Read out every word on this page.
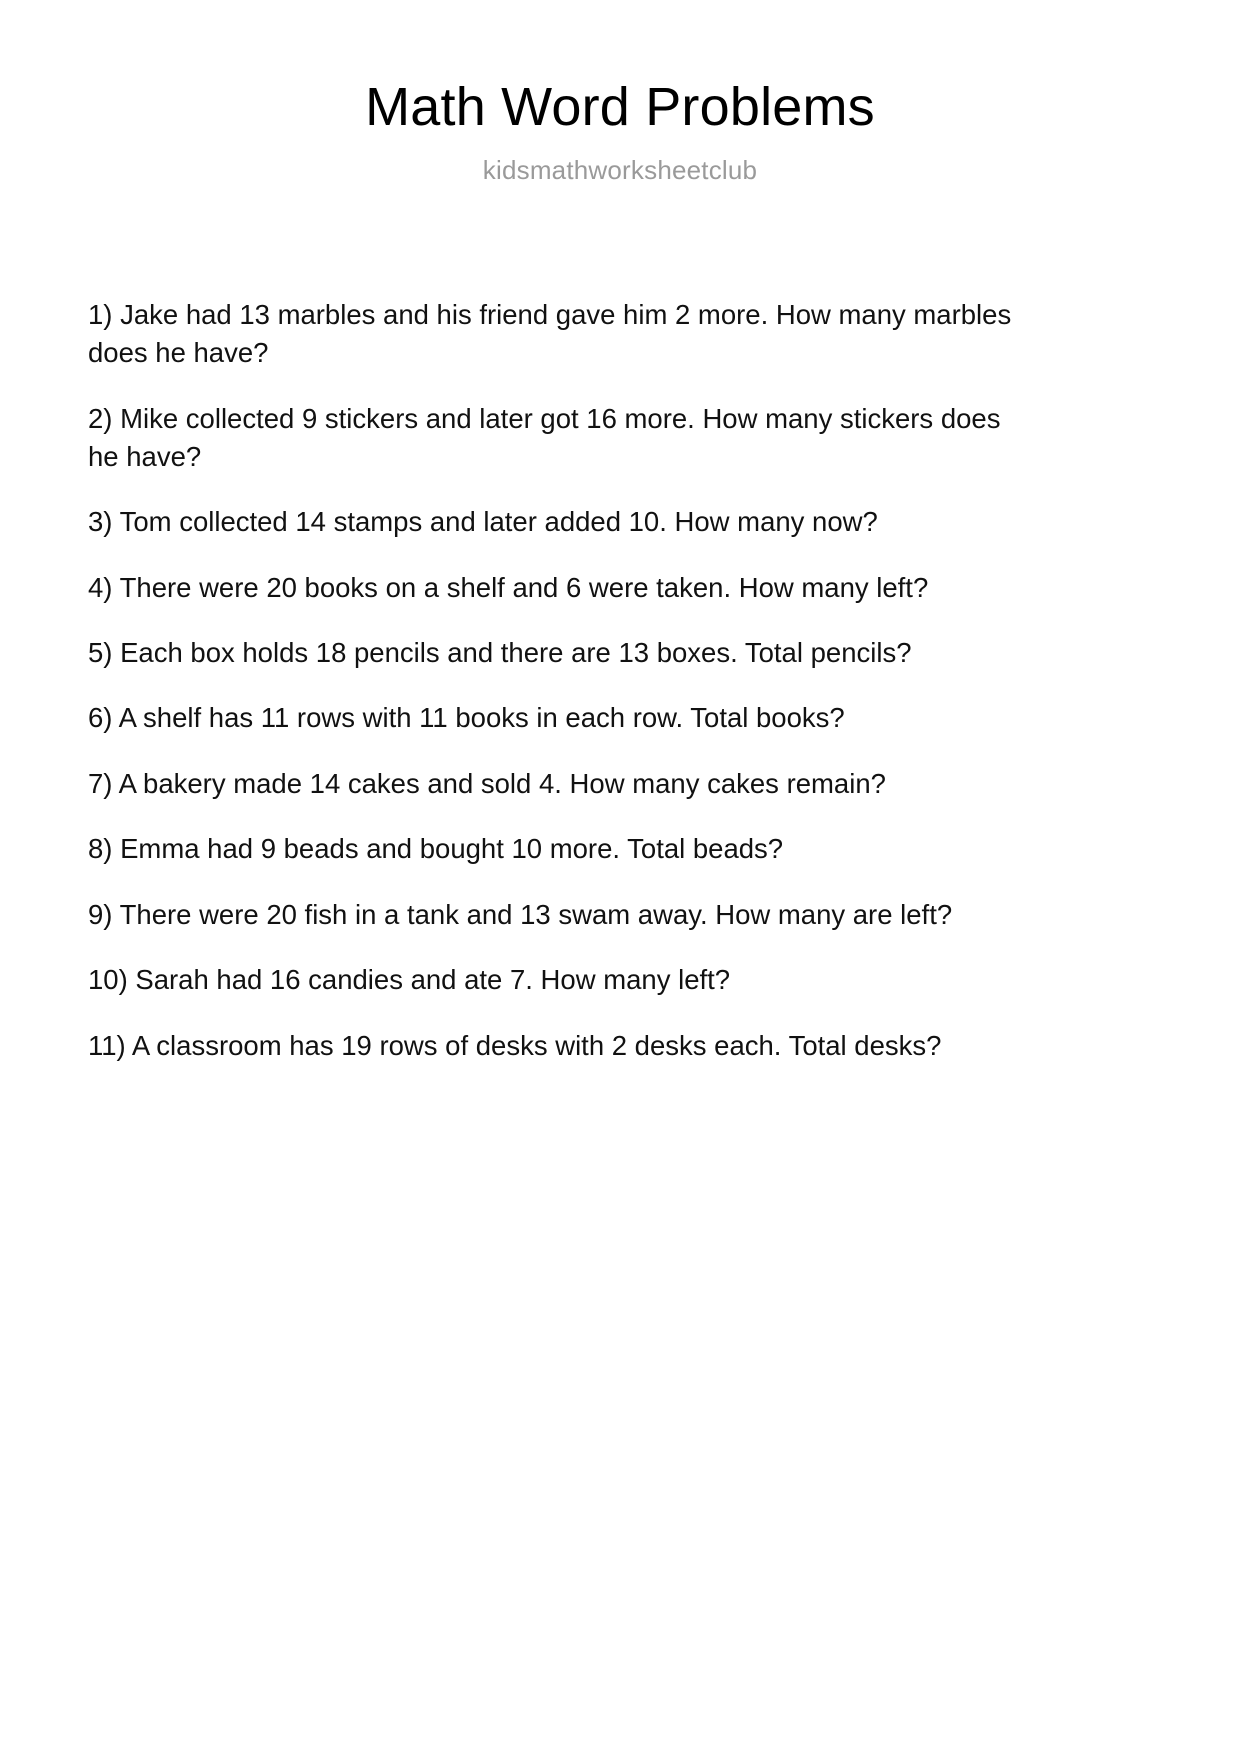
Math Word Problems
kidsmathworksheetclub

1) Jake had 13 marbles and his friend gave him 2 more. How many marbles does he have?

2) Mike collected 9 stickers and later got 16 more. How many stickers does he have?

3) Tom collected 14 stamps and later added 10. How many now?

4) There were 20 books on a shelf and 6 were taken. How many left?

5) Each box holds 18 pencils and there are 13 boxes. Total pencils?

6) A shelf has 11 rows with 11 books in each row. Total books?

7) A bakery made 14 cakes and sold 4. How many cakes remain?

8) Emma had 9 beads and bought 10 more. Total beads?

9) There were 20 fish in a tank and 13 swam away. How many are left?

10) Sarah had 16 candies and ate 7. How many left?

11) A classroom has 19 rows of desks with 2 desks each. Total desks?
